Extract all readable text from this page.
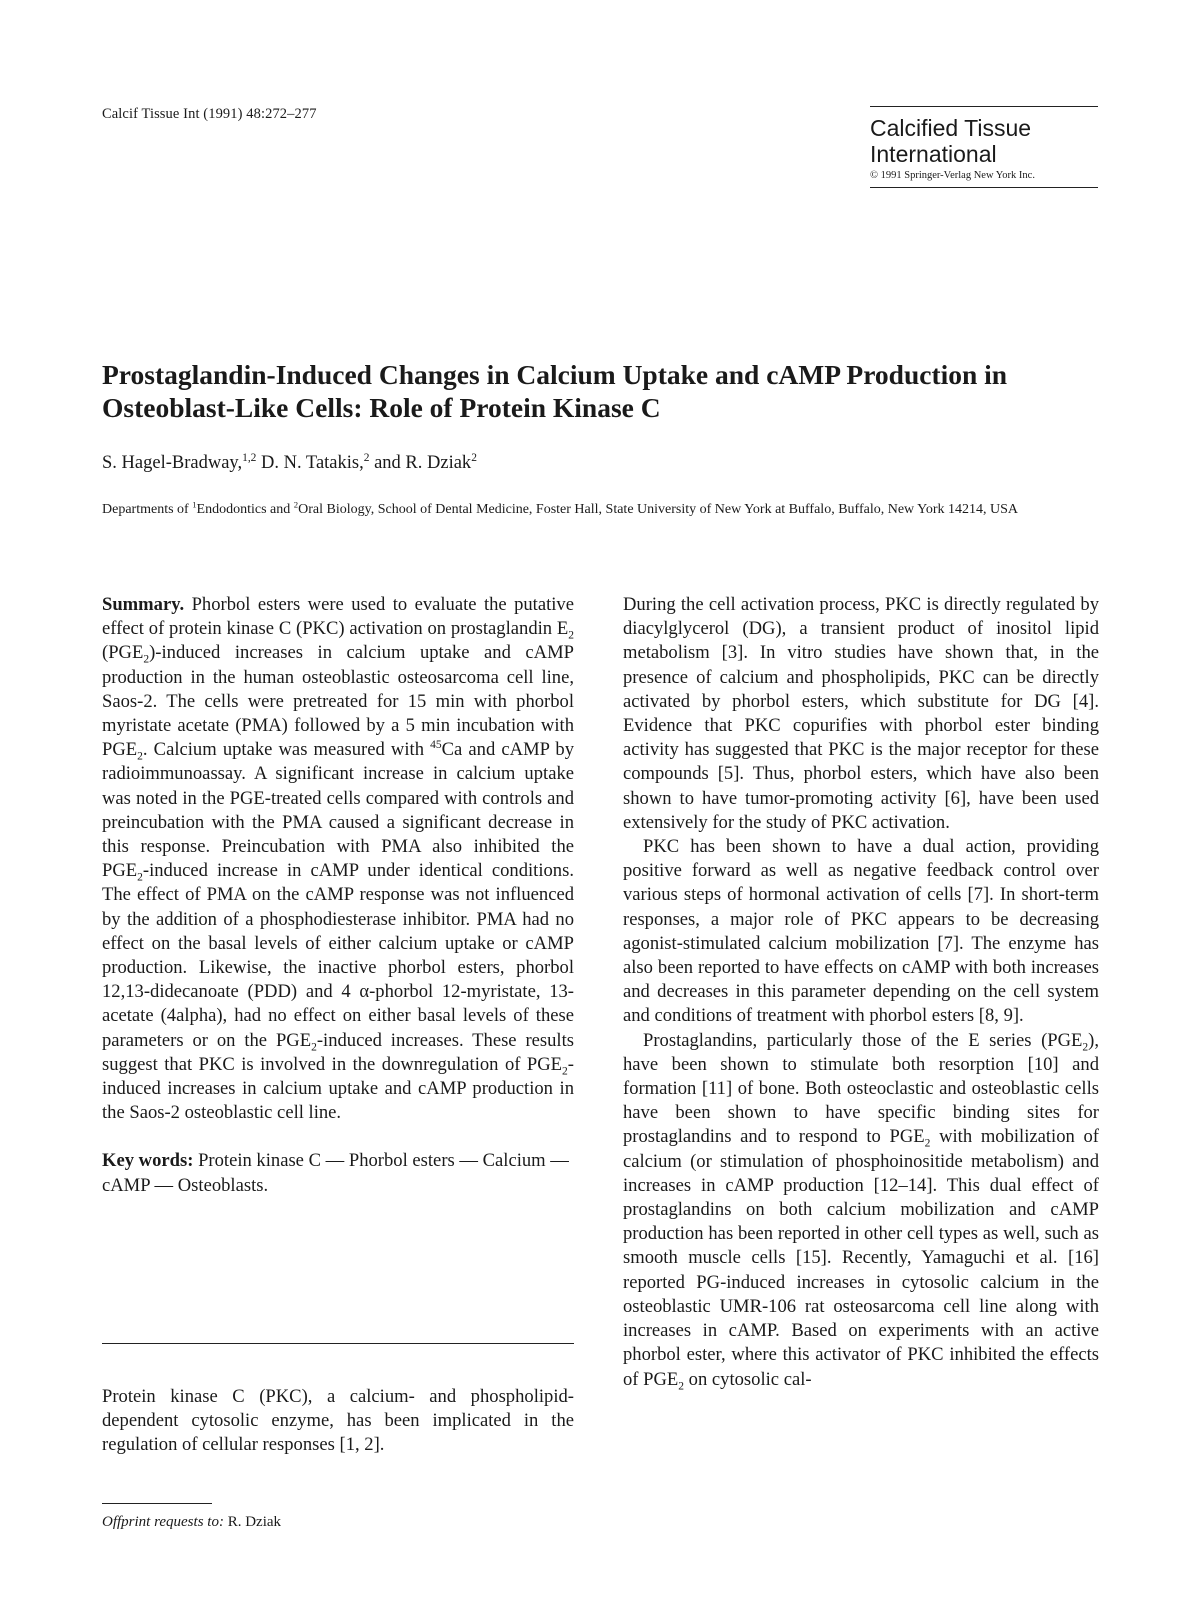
Calcif Tissue Int (1991) 48:272–277
Calcified Tissue
International
© 1991 Springer-Verlag New York Inc.
Prostaglandin-Induced Changes in Calcium Uptake and cAMP Production in Osteoblast-Like Cells: Role of Protein Kinase C
S. Hagel-Bradway,$^{1,2}$ D. N. Tatakis,$^2$ and R. Dziak$^2$
Departments of $^1$Endodontics and $^2$Oral Biology, School of Dental Medicine, Foster Hall, State University of New York at Buffalo, Buffalo, New York 14214, USA

Summary. Phorbol esters were used to evaluate the putative effect of protein kinase C (PKC) activation on prostaglandin $E_2$ $(PGE_2)$-induced increases in calcium uptake and cAMP production in the human osteoblastic osteosarcoma cell line, Saos-2. The cells were pretreated for 15 min with phorbol myristate acetate (PMA) followed by a 5 min incubation with $PGE_2$. Calcium uptake was measured with $^{45}$Ca and cAMP by radioimmunoassay. A significant increase in calcium uptake was noted in the PGE-treated cells compared with controls and preincubation with the PMA caused a significant decrease in this response. Preincubation with PMA also inhibited the $PGE_2$-induced increase in cAMP under identical conditions. The effect of PMA on the cAMP response was not influenced by the addition of a phosphodiesterase inhibitor. PMA had no effect on the basal levels of either calcium uptake or cAMP production. Likewise, the inactive phorbol esters, phorbol 12,13-didecanoate (PDD) and 4 α-phorbol 12-myristate, 13-acetate (4alpha), had no effect on either basal levels of these parameters or on the $PGE_2$-induced increases. These results suggest that PKC is involved in the downregulation of $PGE_2$-induced increases in calcium uptake and cAMP production in the Saos-2 osteoblastic cell line.

Key words: Protein kinase C — Phorbol esters — Calcium — cAMP — Osteoblasts.

Protein kinase C (PKC), a calcium- and phospholipid-dependent cytosolic enzyme, has been implicated in the regulation of cellular responses [1, 2].
Offprint requests to: R. Dziak

During the cell activation process, PKC is directly regulated by diacylglycerol (DG), a transient product of inositol lipid metabolism [3]. In vitro studies have shown that, in the presence of calcium and phospholipids, PKC can be directly activated by phorbol esters, which substitute for DG [4]. Evidence that PKC copurifies with phorbol ester binding activity has suggested that PKC is the major receptor for these compounds [5]. Thus, phorbol esters, which have also been shown to have tumor-promoting activity [6], have been used extensively for the study of PKC activation.

PKC has been shown to have a dual action, providing positive forward as well as negative feedback control over various steps of hormonal activation of cells [7]. In short-term responses, a major role of PKC appears to be decreasing agonist-stimulated calcium mobilization [7]. The enzyme has also been reported to have effects on cAMP with both increases and decreases in this parameter depending on the cell system and conditions of treatment with phorbol esters [8, 9].

Prostaglandins, particularly those of the E series $(PGE_2)$, have been shown to stimulate both resorption [10] and formation [11] of bone. Both osteoclastic and osteoblastic cells have been shown to have specific binding sites for prostaglandins and to respond to $PGE_2$ with mobilization of calcium (or stimulation of phosphoinositide metabolism) and increases in cAMP production [12–14]. This dual effect of prostaglandins on both calcium mobilization and cAMP production has been reported in other cell types as well, such as smooth muscle cells [15]. Recently, Yamaguchi et al. [16] reported PG-induced increases in cytosolic calcium in the osteoblastic UMR-106 rat osteosarcoma cell line along with increases in cAMP. Based on experiments with an active phorbol ester, where this activator of PKC inhibited the effects of $PGE_2$ on cytosolic cal-
